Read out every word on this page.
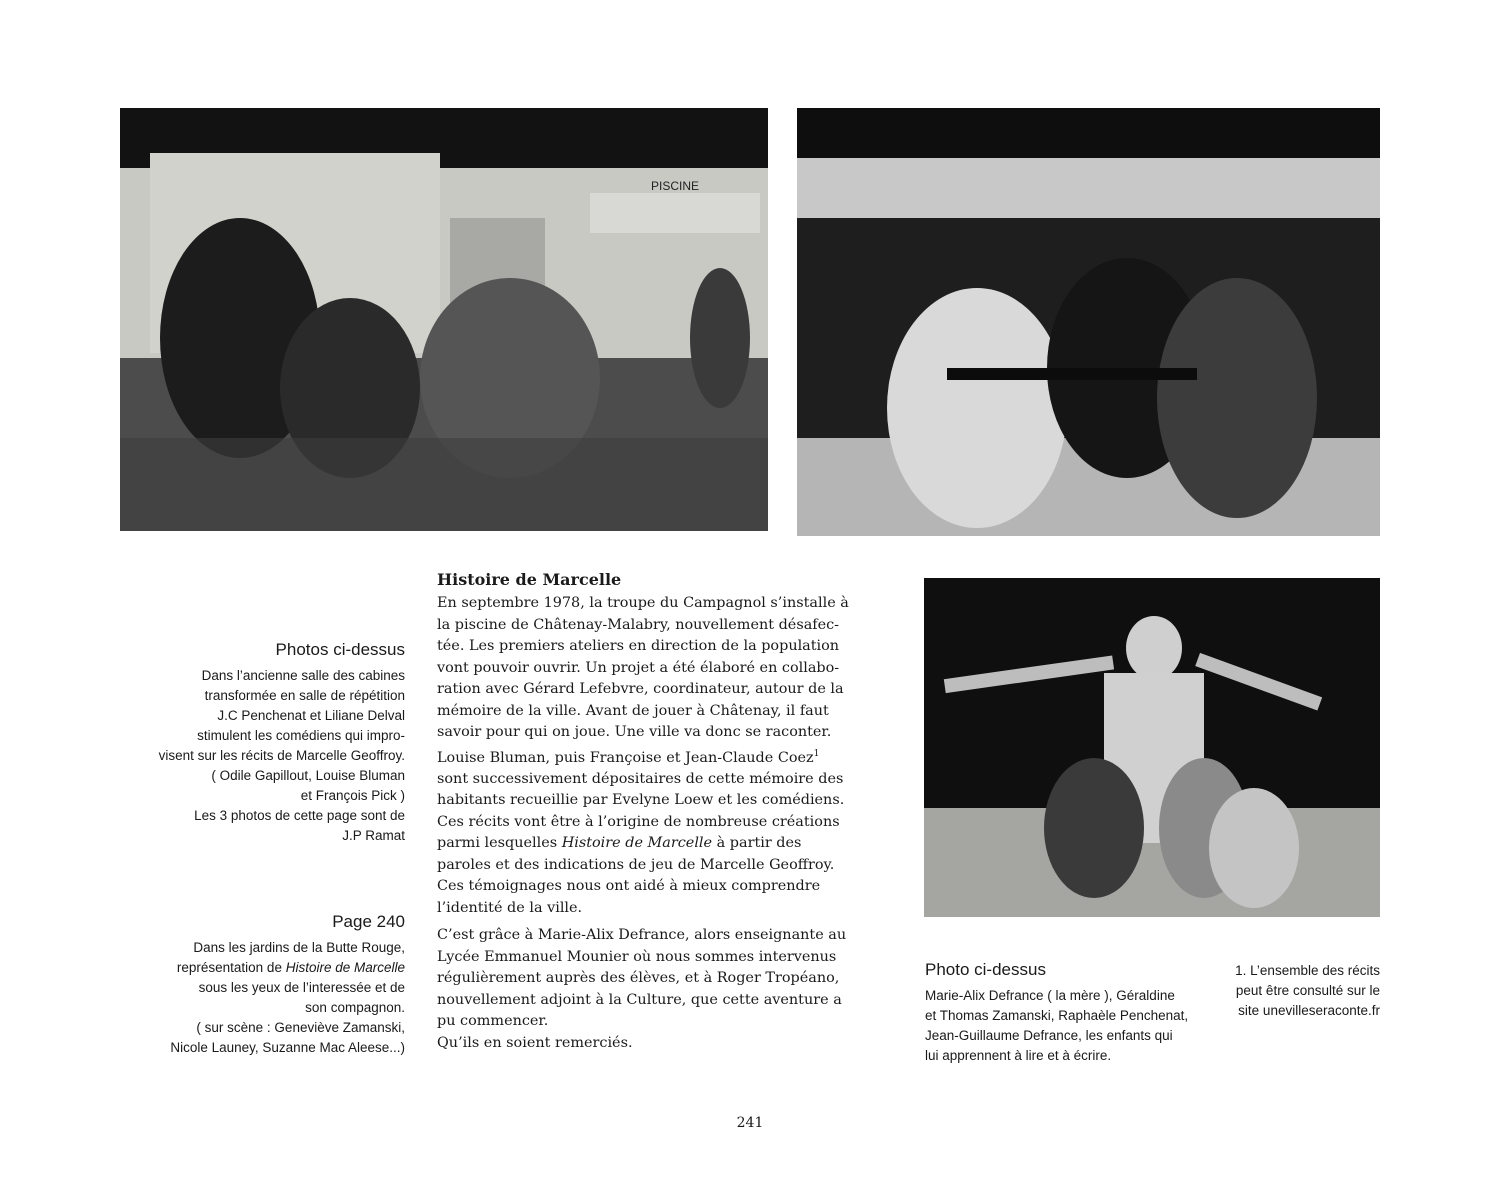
PISCINE
Photos ci-dessus
Dans l’ancienne salle des cabines
transformée en salle de répétition
J.C Penchenat et Liliane Delval
stimulent les comédiens qui impro-
visent sur les récits de Marcelle Geoffroy.
( Odile Gapillout, Louise Bluman
et François Pick )
Les 3 photos de cette page sont de
J.P Ramat
Page 240
Dans les jardins de la Butte Rouge,
représentation de Histoire de Marcelle
sous les yeux de l’interessée et de
son compagnon.
( sur scène : Geneviève Zamanski,
Nicole Launey, Suzanne Mac Aleese...)
Histoire de Marcelle
En septembre 1978, la troupe du Campagnol s’installe à
la piscine de Châtenay-Malabry, nouvellement désafec-
tée. Les premiers ateliers en direction de la population
vont pouvoir ouvrir. Un projet a été élaboré en collabo-
ration avec Gérard Lefebvre, coordinateur, autour de la
mémoire de la ville. Avant de jouer à Châtenay, il faut
savoir pour qui on joue. Une ville va donc se raconter.
Louise Bluman, puis Françoise et Jean-Claude Coez$^1$
sont successivement dépositaires de cette mémoire des
habitants recueillie par Evelyne Loew et les comédiens.
Ces récits vont être à l’origine de nombreuse créations
parmi lesquelles Histoire de Marcelle à partir des
paroles et des indications de jeu de Marcelle Geoffroy.
Ces témoignages nous ont aidé à mieux comprendre
l’identité de la ville.
C’est grâce à Marie-Alix Defrance, alors enseignante au
Lycée Emmanuel Mounier où nous sommes intervenus
régulièrement auprès des élèves, et à Roger Tropéano,
nouvellement adjoint à la Culture, que cette aventure a
pu commencer.
Qu’ils en soient remerciés.
Photo ci-dessus
Marie-Alix Defrance ( la mère ), Géraldine
et Thomas Zamanski, Raphaèle Penchenat,
Jean-Guillaume Defrance, les enfants qui
lui apprennent à lire et à écrire.
1. L’ensemble des récits
peut être consulté sur le
site unevilleseraconte.fr
241
